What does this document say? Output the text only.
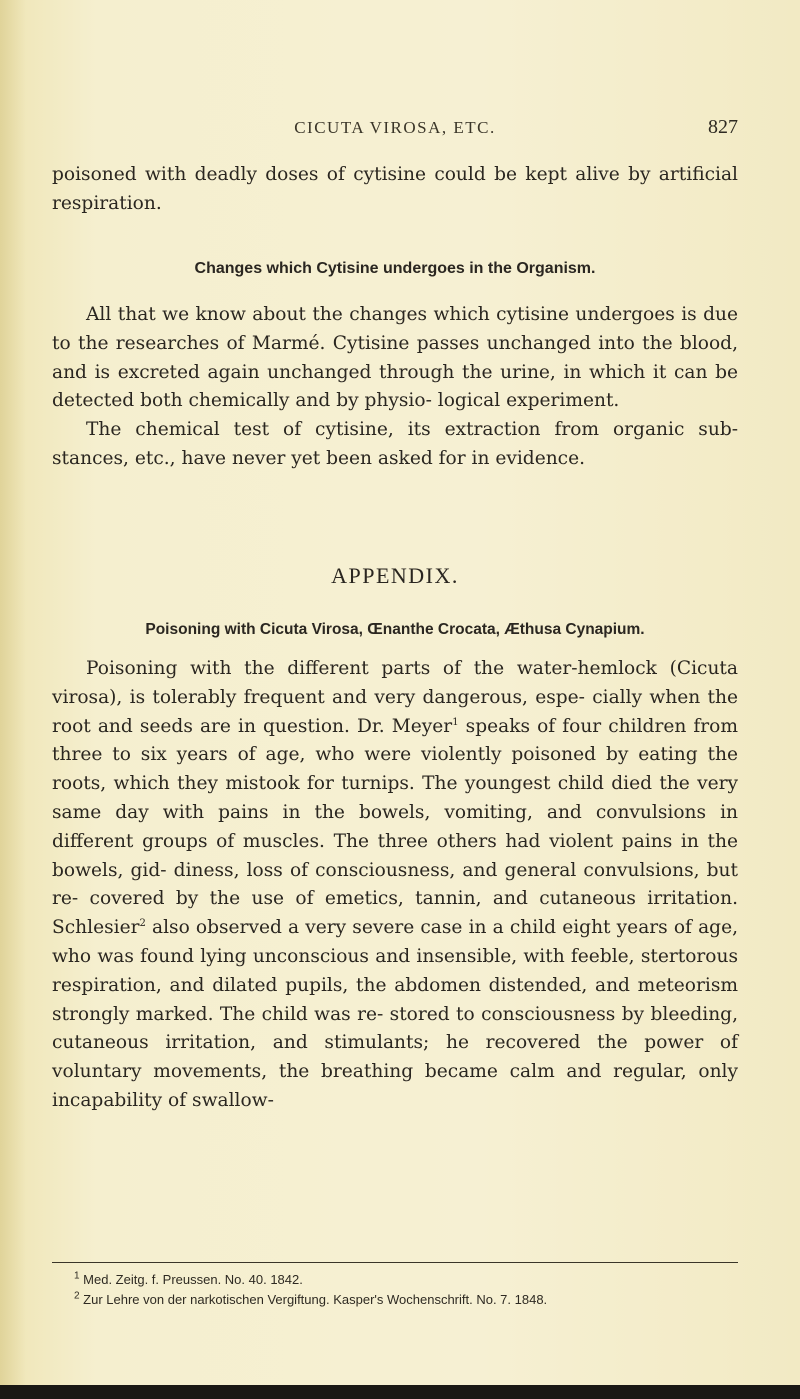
CICUTA VIROSA, ETC.	827

poisoned with deadly doses of cytisine could be kept alive by artificial respiration.

Changes which Cytisine undergoes in the Organism.

All that we know about the changes which cytisine undergoes is due to the researches of Marmé. Cytisine passes unchanged into the blood, and is excreted again unchanged through the urine, in which it can be detected both chemically and by physio- logical experiment.

The chemical test of cytisine, its extraction from organic sub- stances, etc., have never yet been asked for in evidence.

APPENDIX.
Poisoning with Cicuta Virosa, Œnanthe Crocata, Æthusa Cynapium.

Poisoning with the different parts of the water-hemlock (Cicuta virosa), is tolerably frequent and very dangerous, espe- cially when the root and seeds are in question. Dr. Meyer$^1$ speaks of four children from three to six years of age, who were violently poisoned by eating the roots, which they mistook for turnips. The youngest child died the very same day with pains in the bowels, vomiting, and convulsions in different groups of muscles. The three others had violent pains in the bowels, gid- diness, loss of consciousness, and general convulsions, but re- covered by the use of emetics, tannin, and cutaneous irritation. Schlesier$^2$ also observed a very severe case in a child eight years of age, who was found lying unconscious and insensible, with feeble, stertorous respiration, and dilated pupils, the abdomen distended, and meteorism strongly marked. The child was re- stored to consciousness by bleeding, cutaneous irritation, and stimulants; he recovered the power of voluntary movements, the breathing became calm and regular, only incapability of swallow-

$^1$ Med. Zeitg. f. Preussen. No. 40. 1842.

$^2$ Zur Lehre von der narkotischen Vergiftung. Kasper's Wochenschrift. No. 7. 1848.
